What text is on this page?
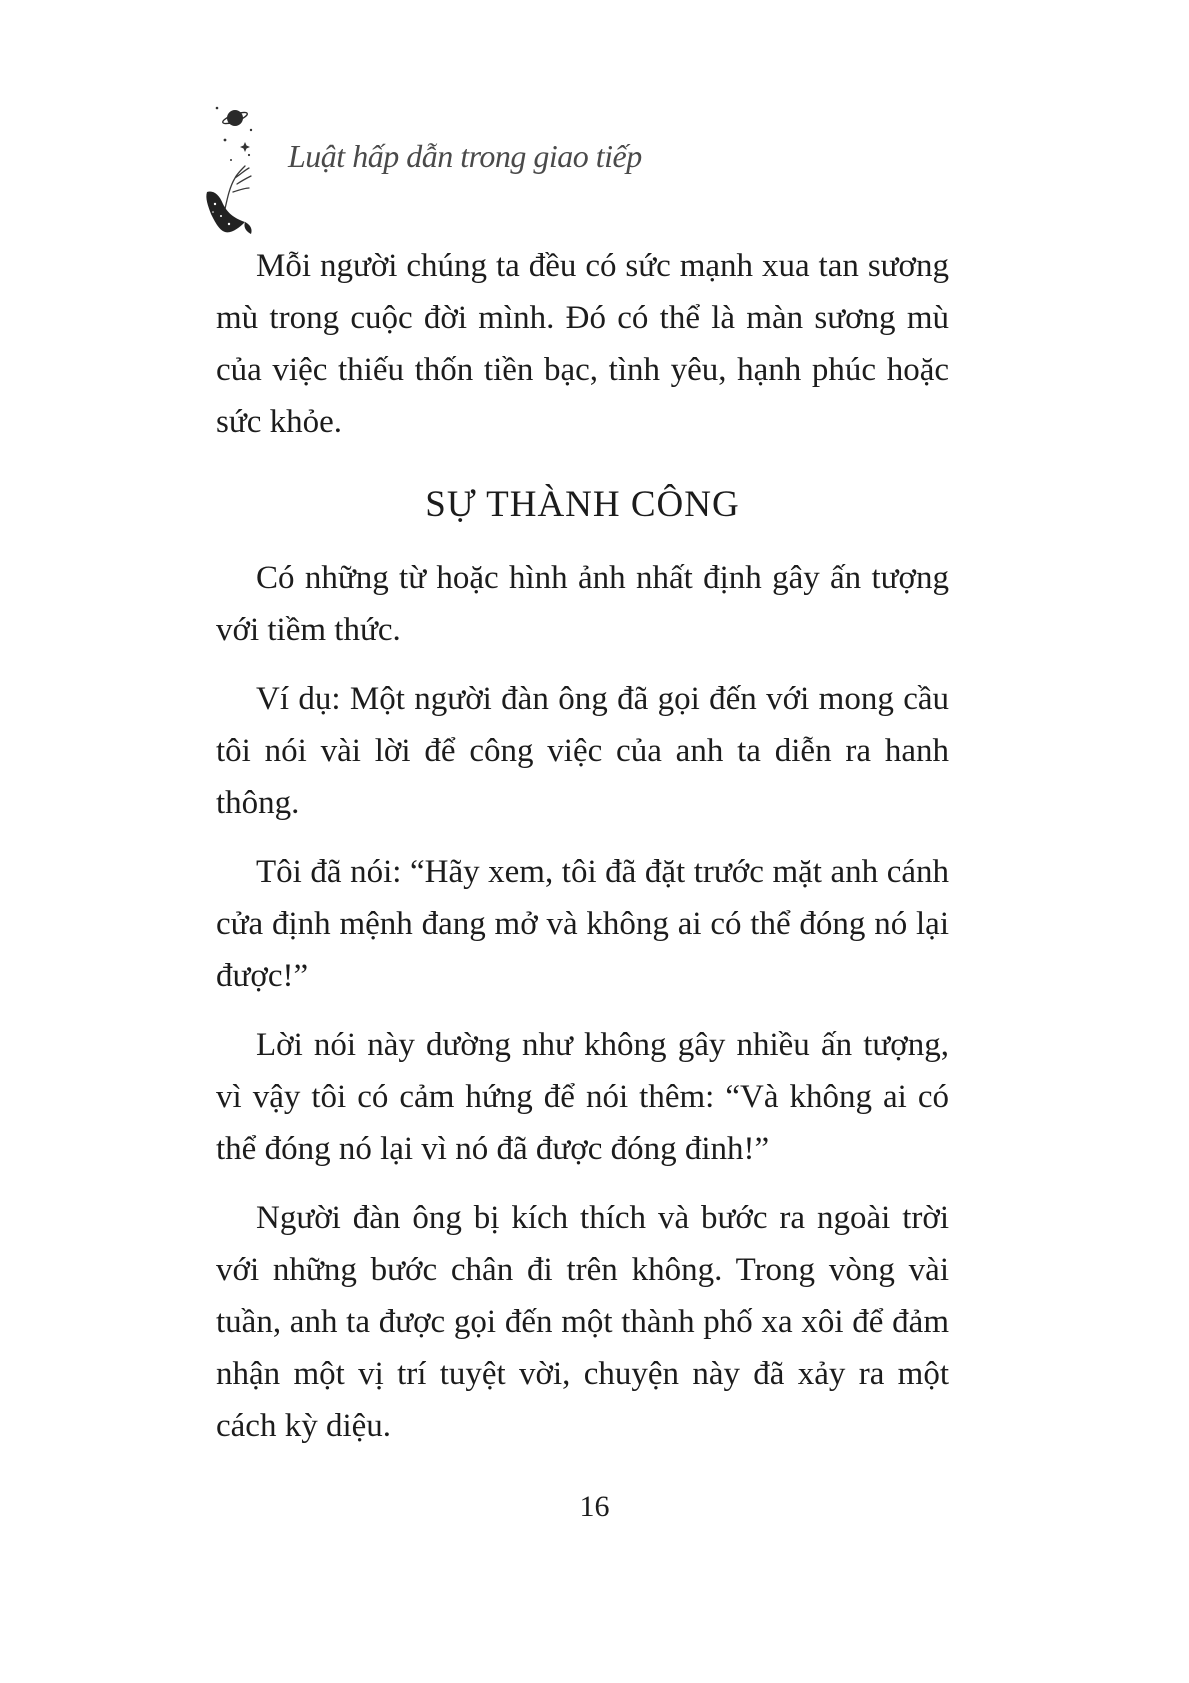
Luật hấp dẫn trong giao tiếp

Mỗi người chúng ta đều có sức mạnh xua tan sương mù trong cuộc đời mình. Đó có thể là màn sương mù của việc thiếu thốn tiền bạc, tình yêu, hạnh phúc hoặc sức khỏe.

SỰ THÀNH CÔNG

Có những từ hoặc hình ảnh nhất định gây ấn tượng với tiềm thức.

Ví dụ: Một người đàn ông đã gọi đến với mong cầu tôi nói vài lời để công việc của anh ta diễn ra hanh thông.

Tôi đã nói: “Hãy xem, tôi đã đặt trước mặt anh cánh cửa định mệnh đang mở và không ai có thể đóng nó lại được!”

Lời nói này dường như không gây nhiều ấn tượng, vì vậy tôi có cảm hứng để nói thêm: “Và không ai có thể đóng nó lại vì nó đã được đóng đinh!”

Người đàn ông bị kích thích và bước ra ngoài trời với những bước chân đi trên không. Trong vòng vài tuần, anh ta được gọi đến một thành phố xa xôi để đảm nhận một vị trí tuyệt vời, chuyện này đã xảy ra một cách kỳ diệu.

16
